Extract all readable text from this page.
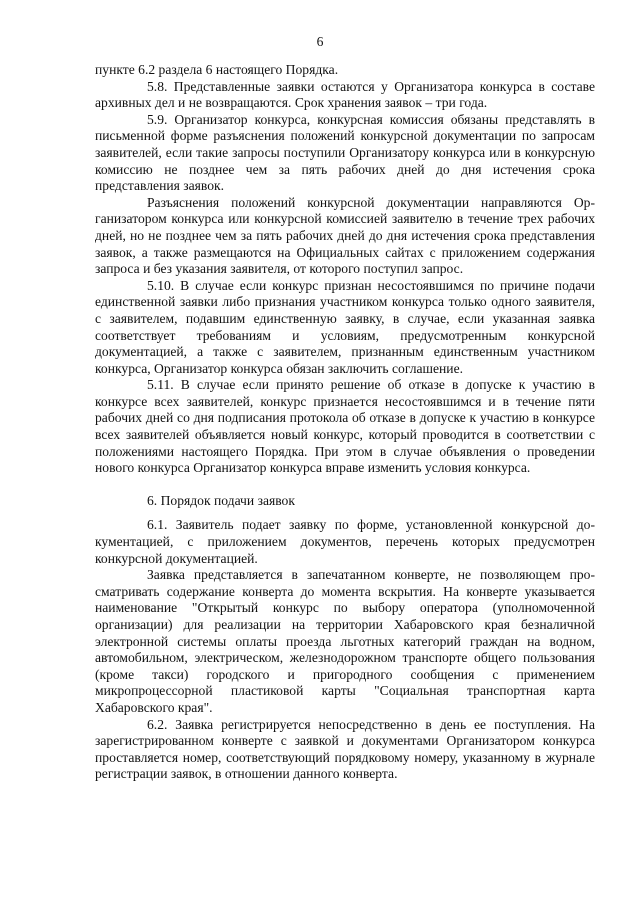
6

пункте 6.2 раздела 6 настоящего Порядка.

5.8. Представленные заявки остаются у Организатора конкурса в составе архивных дел и не возвращаются. Срок хранения заявок – три года.

5.9. Организатор конкурса, конкурсная комиссия обязаны представлять в письменной форме разъяснения положений конкурсной документации по запросам заявителей, если такие запросы поступили Организатору конкурса или в конкурсную комиссию не позднее чем за пять рабочих дней до дня истечения срока представления заявок.

Разъяснения положений конкурсной документации направляются Организатором конкурса или конкурсной комиссией заявителю в течение трех рабочих дней, но не позднее чем за пять рабочих дней до дня истечения срока представления заявок, а также размещаются на Официальных сайтах с приложением содержания запроса и без указания заявителя, от которого поступил запрос.

5.10. В случае если конкурс признан несостоявшимся по причине подачи единственной заявки либо признания участником конкурса только одного заявителя, с заявителем, подавшим единственную заявку, в случае, если указанная заявка соответствует требованиям и условиям, предусмотренным конкурсной документацией, а также с заявителем, признанным единственным участником конкурса, Организатор конкурса обязан заключить соглашение.

5.11. В случае если принято решение об отказе в допуске к участию в конкурсе всех заявителей, конкурс признается несостоявшимся и в течение пяти рабочих дней со дня подписания протокола об отказе в допуске к участию в конкурсе всех заявителей объявляется новый конкурс, который проводится в соответствии с положениями настоящего Порядка. При этом в случае объявления о проведении нового конкурса Организатор конкурса вправе изменить условия конкурса.

6. Порядок подачи заявок

6.1. Заявитель подает заявку по форме, установленной конкурсной документацией, с приложением документов, перечень которых предусмотрен конкурсной документацией.

Заявка представляется в запечатанном конверте, не позволяющем просматривать содержание конверта до момента вскрытия. На конверте указывается наименование "Открытый конкурс по выбору оператора (уполномоченной организации) для реализации на территории Хабаровского края безналичной электронной системы оплаты проезда льготных категорий граждан на водном, автомобильном, электрическом, железнодорожном транспорте общего пользования (кроме такси) городского и пригородного сообщения с применением микропроцессорной пластиковой карты "Социальная транспортная карта Хабаровского края".

6.2. Заявка регистрируется непосредственно в день ее поступления. На зарегистрированном конверте с заявкой и документами Организатором конкурса проставляется номер, соответствующий порядковому номеру, указанному в журнале регистрации заявок, в отношении данного конверта.
